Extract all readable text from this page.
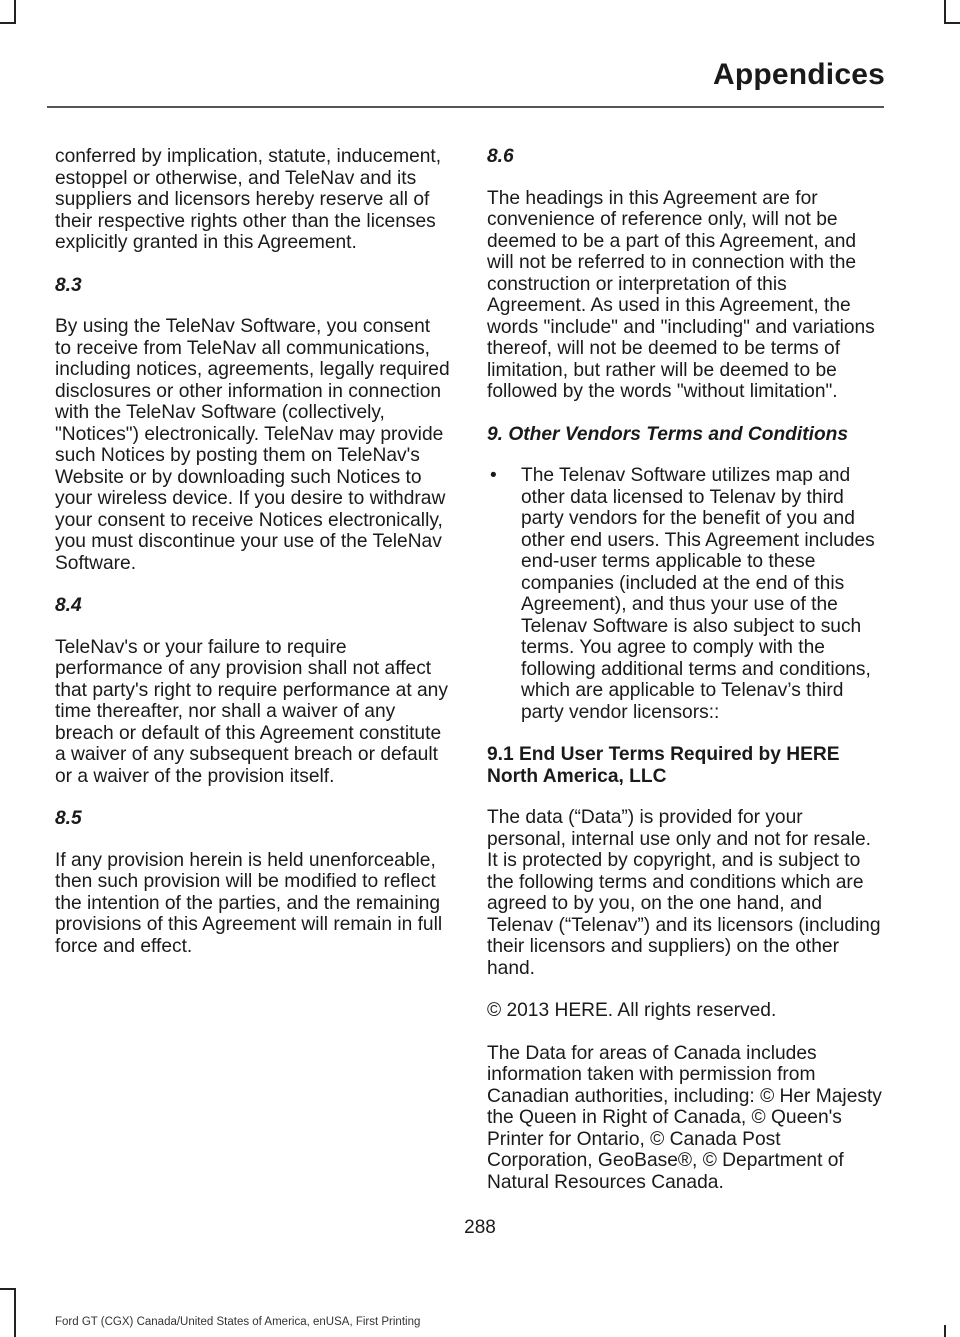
Appendices

conferred by implication, statute, inducement, estoppel or otherwise, and TeleNav and its suppliers and licensors hereby reserve all of their respective rights other than the licenses explicitly granted in this Agreement.

8.3

By using the TeleNav Software, you consent to receive from TeleNav all communications, including notices, agreements, legally required disclosures or other information in connection with the TeleNav Software (collectively, "Notices") electronically. TeleNav may provide such Notices by posting them on TeleNav's Website or by downloading such Notices to your wireless device. If you desire to withdraw your consent to receive Notices electronically, you must discontinue your use of the TeleNav Software.

8.4

TeleNav's or your failure to require performance of any provision shall not affect that party's right to require performance at any time thereafter, nor shall a waiver of any breach or default of this Agreement constitute a waiver of any subsequent breach or default or a waiver of the provision itself.

8.5

If any provision herein is held unenforceable, then such provision will be modified to reflect the intention of the parties, and the remaining provisions of this Agreement will remain in full force and effect.

8.6

The headings in this Agreement are for convenience of reference only, will not be deemed to be a part of this Agreement, and will not be referred to in connection with the construction or interpretation of this Agreement. As used in this Agreement, the words "include" and "including" and variations thereof, will not be deemed to be terms of limitation, but rather will be deemed to be followed by the words "without limitation".

9. Other Vendors Terms and Conditions
• The Telenav Software utilizes map and other data licensed to Telenav by third party vendors for the benefit of you and other end users. This Agreement includes end-user terms applicable to these companies (included at the end of this Agreement), and thus your use of the Telenav Software is also subject to such terms. You agree to comply with the following additional terms and conditions, which are applicable to Telenav’s third party vendor licensors::
9.1 End User Terms Required by HERE North America, LLC

The data (“Data”) is provided for your personal, internal use only and not for resale. It is protected by copyright, and is subject to the following terms and conditions which are agreed to by you, on the one hand, and Telenav (“Telenav”) and its licensors (including their licensors and suppliers) on the other hand.

© 2013 HERE. All rights reserved.

The Data for areas of Canada includes information taken with permission from Canadian authorities, including: © Her Majesty the Queen in Right of Canada, © Queen's Printer for Ontario, © Canada Post Corporation, GeoBase®, © Department of Natural Resources Canada.

288
Ford GT (CGX) Canada/United States of America, enUSA, First Printing
